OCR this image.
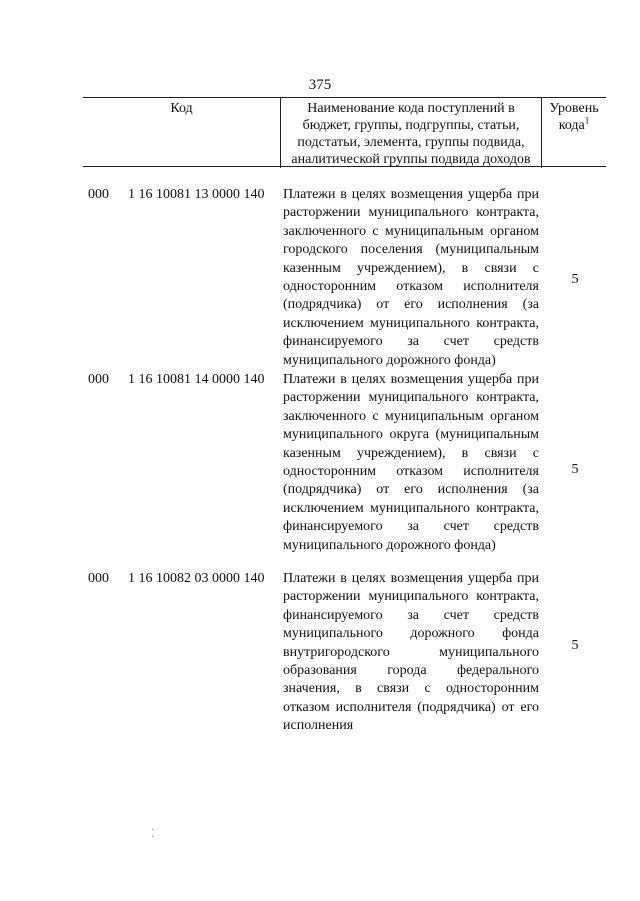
375
Код	Наименование кода поступлений в
бюджет, группы, подгруппы, статьи,
подстатьи, элемента, группы подвида,
аналитической группы подвида доходов
Уровень
кода$^1$
000 1 16 10081 13 0000 140 Платежи в целях возмещения ущерба при расторжении муниципального контракта, заключенного с муниципальным органом городского поселения (муниципальным казенным учреждением), в связи с односторонним отказом исполнителя (подрядчика) от его исполнения (за исключением муниципального контракта, финансируемого за счет средств муниципального дорожного фонда)
5
000 1 16 10081 14 0000 140 Платежи в целях возмещения ущерба при расторжении муниципального контракта, заключенного с муниципальным органом муниципального округа (муниципальным казенным учреждением), в связи с односторонним отказом исполнителя (подрядчика) от его исполнения (за исключением муниципального контракта, финансируемого за счет средств муниципального дорожного фонда)
5
000 1 16 10082 03 0000 140 Платежи в целях возмещения ущерба при расторжении муниципального контракта, финансируемого за счет средств муниципального дорожного фонда внутригородского муниципального образования города федерального значения, в связи с односторонним отказом исполнителя (подрядчика) от его исполнения
5
